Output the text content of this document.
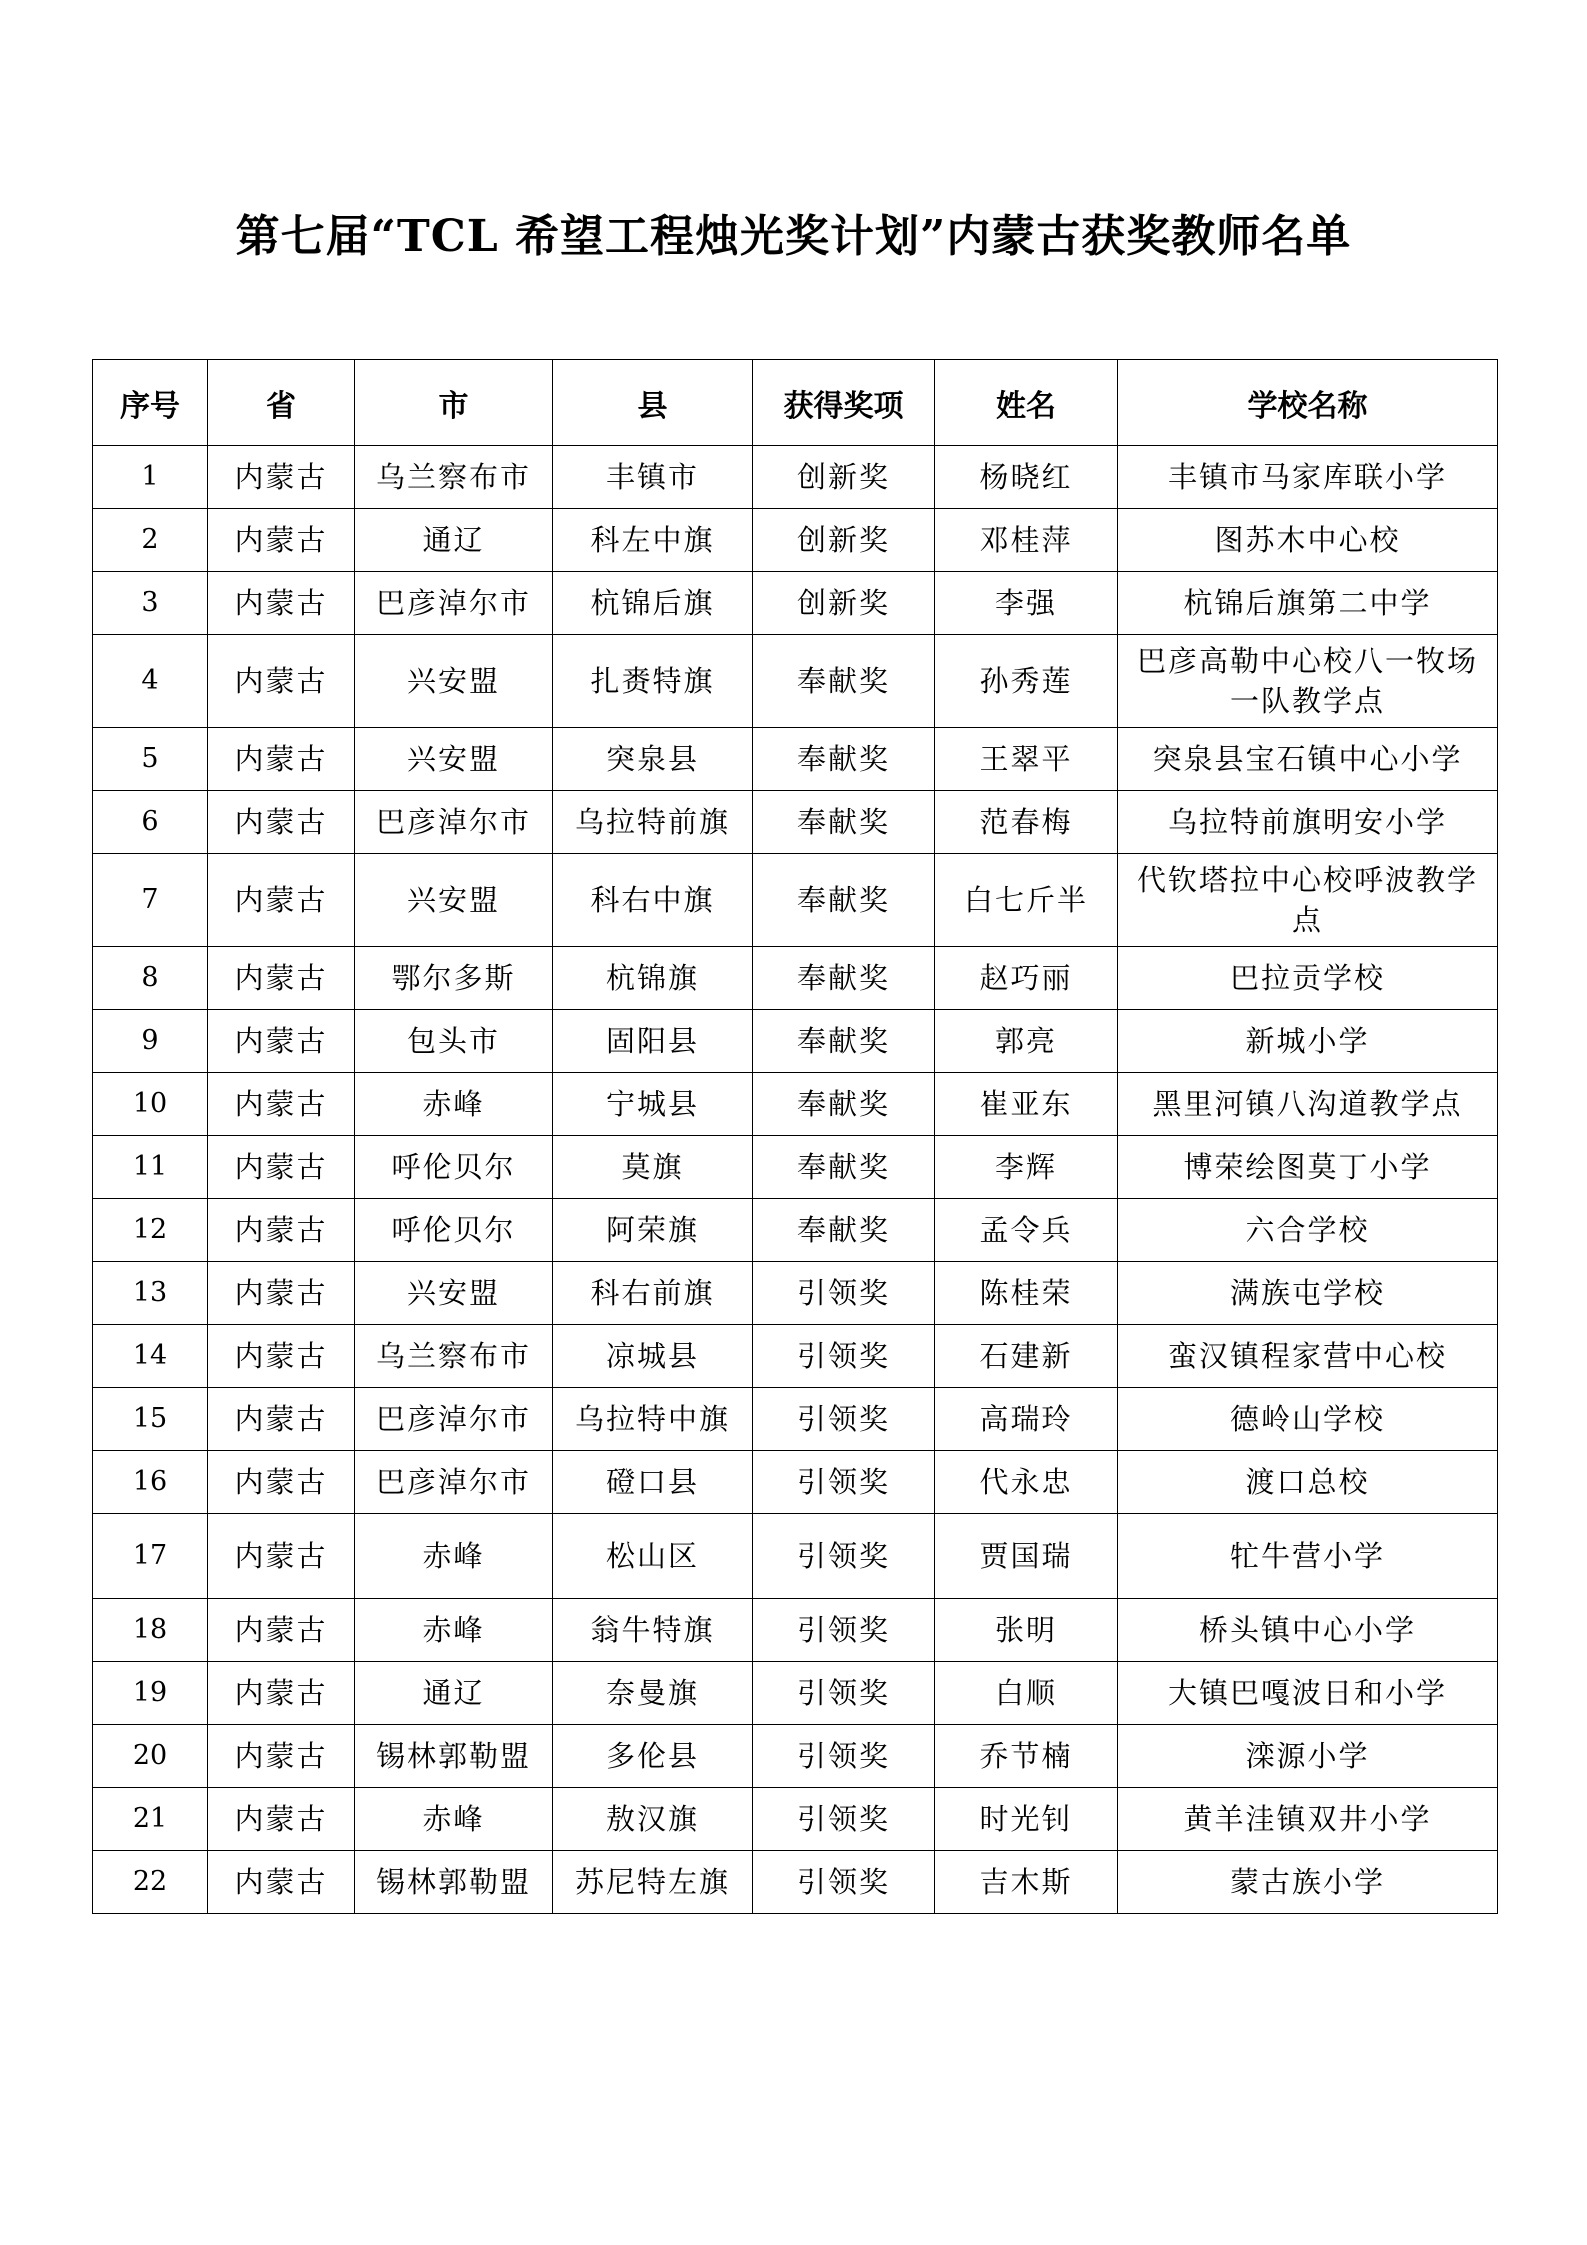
第七届“TCL 希望工程烛光奖计划”内蒙古获奖教师名单
序号	省	市	县	获得奖项	姓名	学校名称
1	内蒙古	乌兰察布市	丰镇市	创新奖	杨晓红	丰镇市马家库联小学
2	内蒙古	通辽	科左中旗	创新奖	邓桂萍	图苏木中心校
3	内蒙古	巴彦淖尔市	杭锦后旗	创新奖	李强	杭锦后旗第二中学
4	内蒙古	兴安盟	扎赉特旗	奉献奖	孙秀莲	巴彦高勒中心校八一牧场一队教学点
5	内蒙古	兴安盟	突泉县	奉献奖	王翠平	突泉县宝石镇中心小学
6	内蒙古	巴彦淖尔市	乌拉特前旗	奉献奖	范春梅	乌拉特前旗明安小学
7	内蒙古	兴安盟	科右中旗	奉献奖	白七斤半	代钦塔拉中心校呼波教学点
8	内蒙古	鄂尔多斯	杭锦旗	奉献奖	赵巧丽	巴拉贡学校
9	内蒙古	包头市	固阳县	奉献奖	郭亮	新城小学
10	内蒙古	赤峰	宁城县	奉献奖	崔亚东	黑里河镇八沟道教学点
11	内蒙古	呼伦贝尔	莫旗	奉献奖	李辉	博荣绘图莫丁小学
12	内蒙古	呼伦贝尔	阿荣旗	奉献奖	孟令兵	六合学校
13	内蒙古	兴安盟	科右前旗	引领奖	陈桂荣	满族屯学校
14	内蒙古	乌兰察布市	凉城县	引领奖	石建新	蛮汉镇程家营中心校
15	内蒙古	巴彦淖尔市	乌拉特中旗	引领奖	高瑞玲	德岭山学校
16	内蒙古	巴彦淖尔市	磴口县	引领奖	代永忠	渡口总校
17	内蒙古	赤峰	松山区	引领奖	贾国瑞	牤牛营小学
18	内蒙古	赤峰	翁牛特旗	引领奖	张明	桥头镇中心小学
19	内蒙古	通辽	奈曼旗	引领奖	白顺	大镇巴嘎波日和小学
20	内蒙古	锡林郭勒盟	多伦县	引领奖	乔节楠	滦源小学
21	内蒙古	赤峰	敖汉旗	引领奖	时光钊	黄羊洼镇双井小学
22	内蒙古	锡林郭勒盟	苏尼特左旗	引领奖	吉木斯	蒙古族小学
